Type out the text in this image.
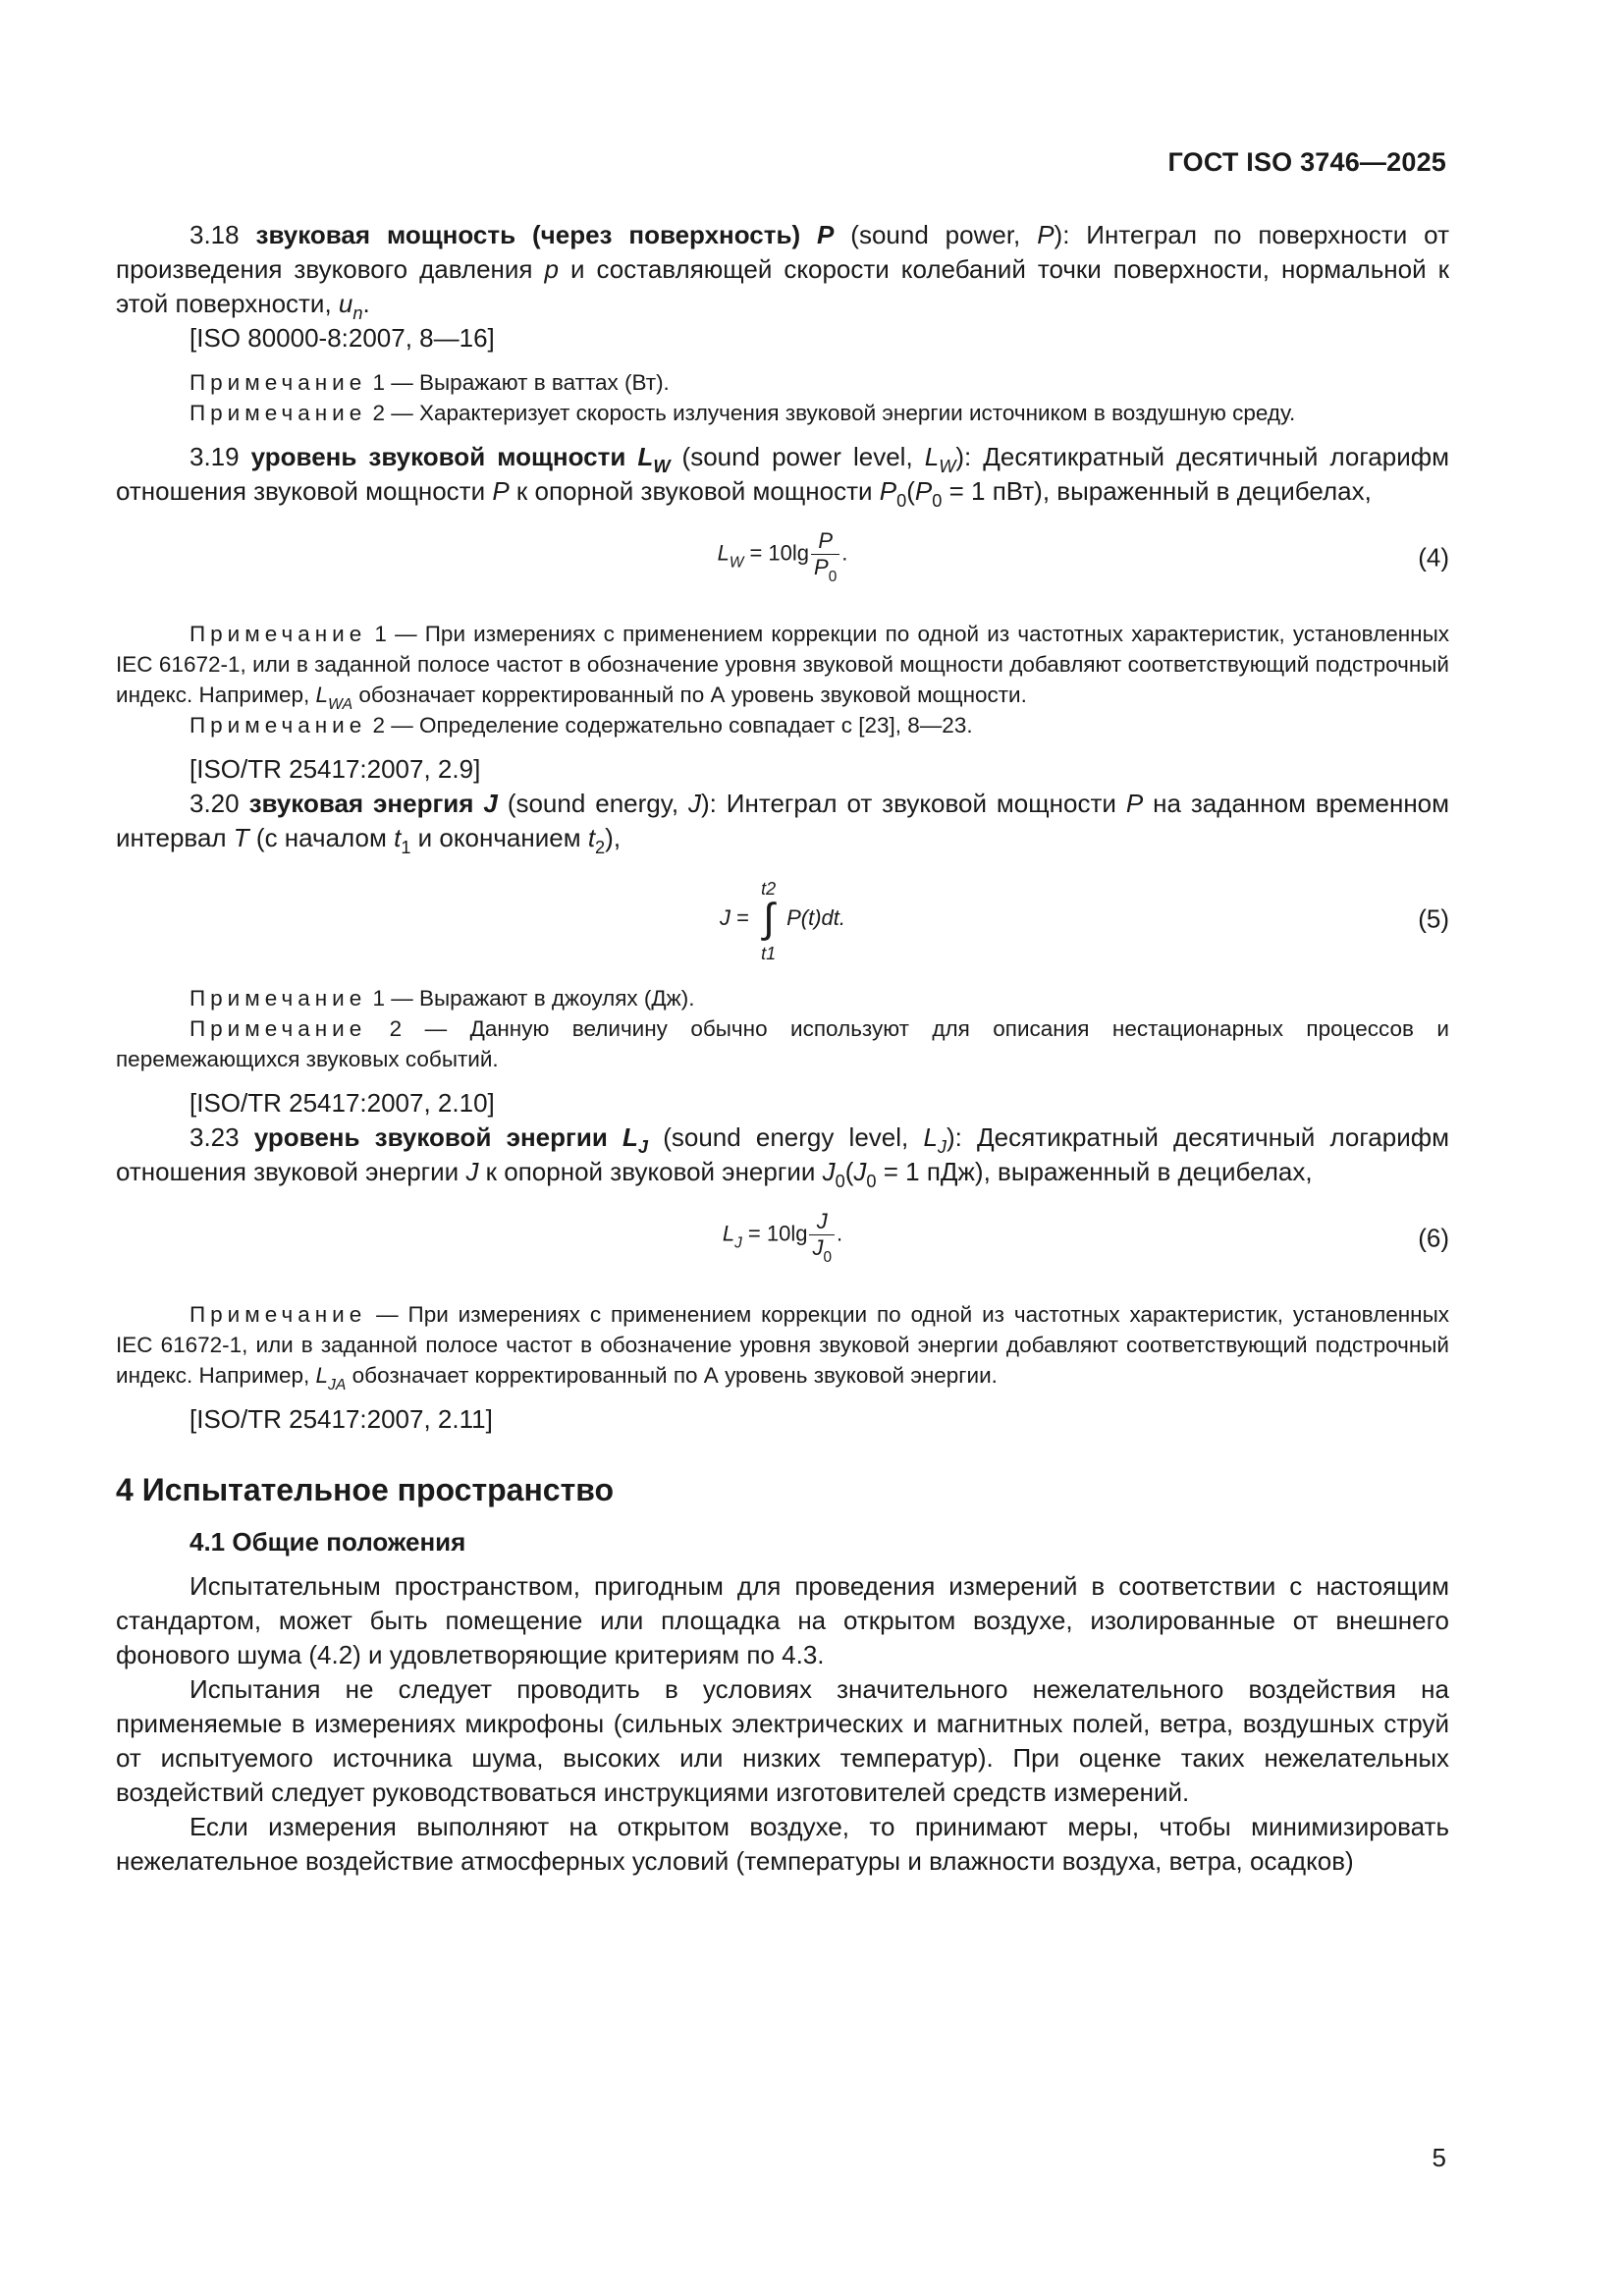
ГОСТ ISO 3746—2025

3.18 звуковая мощность (через поверхность) P (sound power, P): Интеграл по поверхности от произведения звукового давления p и составляющей скорости колебаний точки поверхности, нормальной к этой поверхности, $u_n$.

[ISO 80000-8:2007, 8—16]

Примечание 1 — Выражают в ваттах (Вт).

Примечание 2 — Характеризует скорость излучения звуковой энергии источником в воздушную среду.

3.19 уровень звуковой мощности $L_W$ (sound power level, $L_W$): Десятикратный десятичный логарифм отношения звуковой мощности P к опорной звуковой мощности $P_0(P_0 = 1$ пВт), выраженный в децибелах,

$L_W = 10\lg \frac{P}{P_0}$ .	(4)

Примечание 1 — При измерениях с применением коррекции по одной из частотных характеристик, установленных IEC 61672-1, или в заданной полосе частот в обозначение уровня звуковой мощности добавляют соответствующий подстрочный индекс. Например, $L_{WA}$ обозначает корректированный по А уровень звуковой мощности.

Примечание 2 — Определение содержательно совпадает с [23], 8—23.

[ISO/TR 25417:2007, 2.9]

3.20 звуковая энергия J (sound energy, J): Интеграл от звуковой мощности P на заданном временном интервал T (с началом $t_1$ и окончанием $t_2$),

J =
t2
∫
t1
P(t)dt.	(5)

Примечание 1 — Выражают в джоулях (Дж).

Примечание 2 — Данную величину обычно используют для описания нестационарных процессов и перемежающихся звуковых событий.

[ISO/TR 25417:2007, 2.10]

3.23 уровень звуковой энергии $L_J$ (sound energy level, $L_J$): Десятикратный десятичный логарифм отношения звуковой энергии J к опорной звуковой энергии $J_0(J_0 = 1$ пДж), выраженный в децибелах,

$L_J = 10\lg \frac{J}{J_0}$ .	(6)

Примечание — При измерениях с применением коррекции по одной из частотных характеристик, установленных IEC 61672-1, или в заданной полосе частот в обозначение уровня звуковой энергии добавляют соответствующий подстрочный индекс. Например, $L_{JA}$ обозначает корректированный по А уровень звуковой энергии.

[ISO/TR 25417:2007, 2.11]

4 Испытательное пространство
4.1 Общие положения

Испытательным пространством, пригодным для проведения измерений в соответствии с настоящим стандартом, может быть помещение или площадка на открытом воздухе, изолированные от внешнего фонового шума (4.2) и удовлетворяющие критериям по 4.3.

Испытания не следует проводить в условиях значительного нежелательного воздействия на применяемые в измерениях микрофоны (сильных электрических и магнитных полей, ветра, воздушных струй от испытуемого источника шума, высоких или низких температур). При оценке таких нежелательных воздействий следует руководствоваться инструкциями изготовителей средств измерений.

Если измерения выполняют на открытом воздухе, то принимают меры, чтобы минимизировать нежелательное воздействие атмосферных условий (температуры и влажности воздуха, ветра, осадков)

5
